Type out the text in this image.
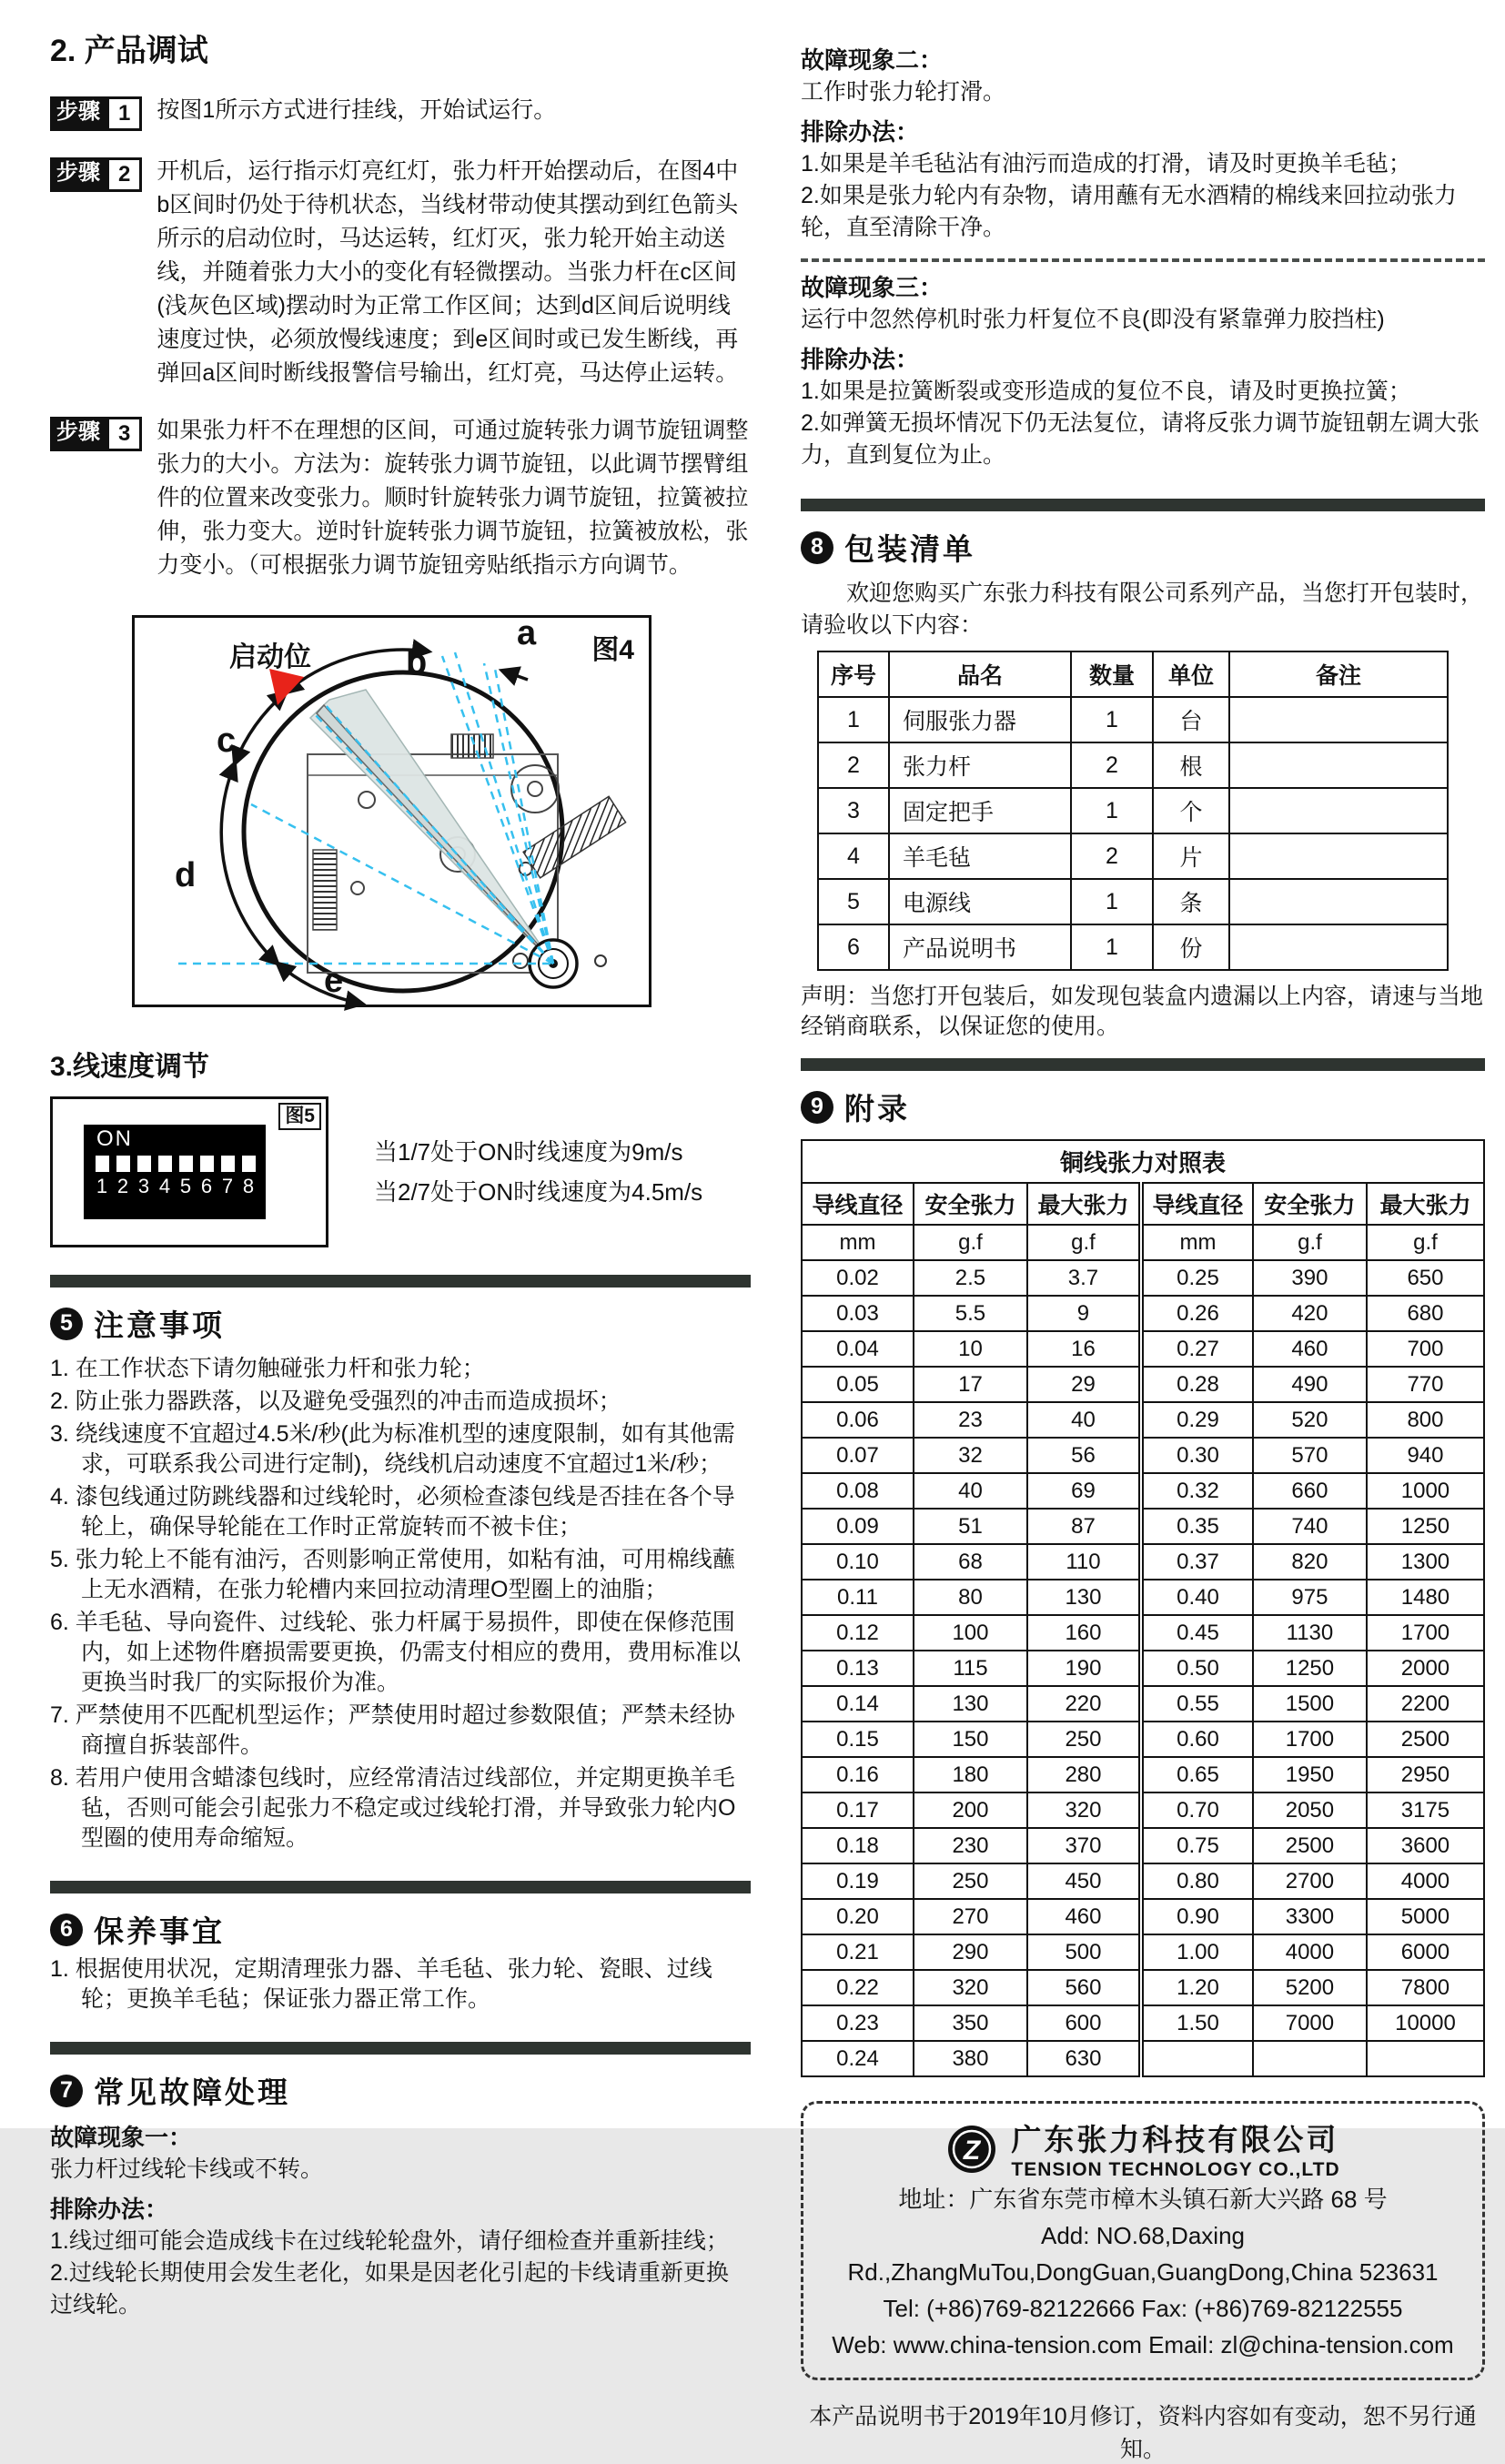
2. 产品调试
步骤 1	按图1所示方式进行挂线，开始试运行。

步骤 2	开机后，运行指示灯亮红灯，张力杆开始摆动后，在图4中b区间时仍处于待机状态，当线材带动使其摆动到红色箭头所示的启动位时，马达运转，红灯灭，张力轮开始主动送线，并随着张力大小的变化有轻微摆动。当张力杆在c区间(浅灰色区域)摆动时为正常工作区间；达到d区间后说明线速度过快，必须放慢线速度；到e区间时或已发生断线，再弹回a区间时断线报警信号输出，红灯亮，马达停止运转。

步骤 3	如果张力杆不在理想的区间，可通过旋转张力调节旋钮调整张力的大小。方法为：旋转张力调节旋钮，以此调节摆臂组件的位置来改变张力。顺时针旋转张力调节旋钮，拉簧被拉伸，张力变大。逆时针旋转张力调节旋钮，拉簧被放松，张力变小。（可根据张力调节旋钮旁贴纸指示方向调节。

启动位	图4
a
b
c
d
e
3.线速度调节
图5
ON
1 2 3 4 5 6 7 8
当1/7处于ON时线速度为9m/s
当2/7处于ON时线速度为4.5m/s
5 注意事项
1. 在工作状态下请勿触碰张力杆和张力轮；
2. 防止张力器跌落，以及避免受强烈的冲击而造成损坏；
3. 绕线速度不宜超过4.5米/秒(此为标准机型的速度限制，如有其他需求，可联系我公司进行定制)，绕线机启动速度不宜超过1米/秒；
4. 漆包线通过防跳线器和过线轮时，必须检查漆包线是否挂在各个导轮上，确保导轮能在工作时正常旋转而不被卡住；
5. 张力轮上不能有油污，否则影响正常使用，如粘有油，可用棉线蘸上无水酒精，在张力轮槽内来回拉动清理O型圈上的油脂；
6. 羊毛毡、导向瓷件、过线轮、张力杆属于易损件，即使在保修范围内，如上述物件磨损需要更换，仍需支付相应的费用，费用标准以更换当时我厂的实际报价为准。
7. 严禁使用不匹配机型运作；严禁使用时超过参数限值；严禁未经协商擅自拆装部件。
8. 若用户使用含蜡漆包线时，应经常清洁过线部位，并定期更换羊毛毡，否则可能会引起张力不稳定或过线轮打滑，并导致张力轮内O型圈的使用寿命缩短。
6 保养事宜
1. 根据使用状况，定期清理张力器、羊毛毡、张力轮、瓷眼、过线轮；更换羊毛毡；保证张力器正常工作。
7 常见故障处理
故障现象一：
张力杆过线轮卡线或不转。
排除办法：
1.线过细可能会造成线卡在过线轮轮盘外，请仔细检查并重新挂线；
2.过线轮长期使用会发生老化，如果是因老化引起的卡线请重新更换过线轮。
故障现象二：
工作时张力轮打滑。
排除办法：
1.如果是羊毛毡沾有油污而造成的打滑，请及时更换羊毛毡；
2.如果是张力轮内有杂物，请用蘸有无水酒精的棉线来回拉动张力轮，直至清除干净。
故障现象三：
运行中忽然停机时张力杆复位不良(即没有紧靠弹力胶挡柱)
排除办法：
1.如果是拉簧断裂或变形造成的复位不良，请及时更换拉簧；
2.如弹簧无损坏情况下仍无法复位，请将反张力调节旋钮朝左调大张力，直到复位为止。
8 包装清单
欢迎您购买广东张力科技有限公司系列产品，当您打开包装时，请验收以下内容：
序号	品名	数量	单位	备注
1	伺服张力器	1	台	
2	张力杆	2	根	
3	固定把手	1	个	
4	羊毛毡	2	片	
5	电源线	1	条	
6	产品说明书	1	份	
声明：当您打开包装后，如发现包装盒内遗漏以上内容，请速与当地经销商联系，以保证您的使用。
9 附录
铜线张力对照表					
导线直径	安全张力	最大张力	导线直径	安全张力	最大张力
mm	g.f	g.f	mm	g.f	g.f
0.02	2.5	3.7	0.25	390	650
0.03	5.5	9	0.26	420	680
0.04	10	16	0.27	460	700
0.05	17	29	0.28	490	770
0.06	23	40	0.29	520	800
0.07	32	56	0.30	570	940
0.08	40	69	0.32	660	1000
0.09	51	87	0.35	740	1250
0.10	68	110	0.37	820	1300
0.11	80	130	0.40	975	1480
0.12	100	160	0.45	1130	1700
0.13	115	190	0.50	1250	2000
0.14	130	220	0.55	1500	2200
0.15	150	250	0.60	1700	2500
0.16	180	280	0.65	1950	2950
0.17	200	320	0.70	2050	3175
0.18	230	370	0.75	2500	3600
0.19	250	450	0.80	2700	4000
0.20	270	460	0.90	3300	5000
0.21	290	500	1.00	4000	6000
0.22	320	560	1.20	5200	7800
0.23	350	600	1.50	7000	10000
0.24	380	630			
Z 广东张力科技有限公司
TENSION TECHNOLOGY CO.,LTD
地址：广东省东莞市樟木头镇石新大兴路 68 号
Add: NO.68,Daxing Rd.,ZhangMuTou,DongGuan,GuangDong,China 523631
Tel: (+86)769-82122666 Fax: (+86)769-82122555
Web: www.china-tension.com Email: zl@china-tension.com
本产品说明书于2019年10月修订，资料内容如有变动，恕不另行通知。
